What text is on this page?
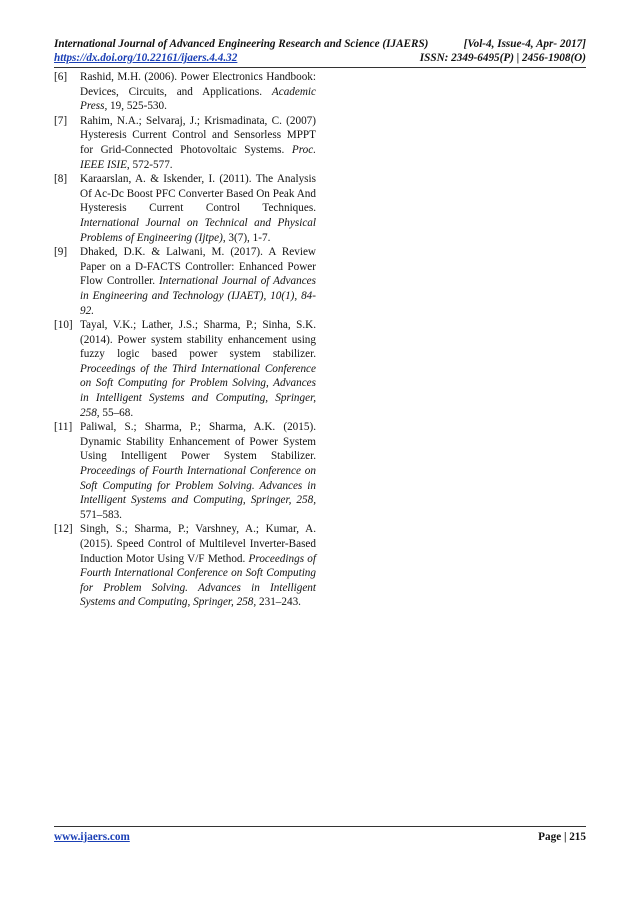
International Journal of Advanced Engineering Research and Science (IJAERS)	[Vol-4, Issue-4, Apr- 2017]
https://dx.doi.org/10.22161/ijaers.4.4.32	ISSN: 2349-6495(P) | 2456-1908(O)
[6] Rashid, M.H. (2006). Power Electronics Handbook: Devices, Circuits, and Applications. Academic Press, 19, 525-530.
[7] Rahim, N.A.; Selvaraj, J.; Krismadinata, C. (2007) Hysteresis Current Control and Sensorless MPPT for Grid-Connected Photovoltaic Systems. Proc. IEEE ISIE, 572-577.
[8] Karaarslan, A. & Iskender, I. (2011). The Analysis Of Ac-Dc Boost PFC Converter Based On Peak And Hysteresis Current Control Techniques. International Journal on Technical and Physical Problems of Engineering (Ijtpe), 3(7), 1-7.
[9] Dhaked, D.K. & Lalwani, M. (2017). A Review Paper on a D-FACTS Controller: Enhanced Power Flow Controller. International Journal of Advances in Engineering and Technology (IJAET), 10(1), 84-92.
[10] Tayal, V.K.; Lather, J.S.; Sharma, P.; Sinha, S.K. (2014). Power system stability enhancement using fuzzy logic based power system stabilizer. Proceedings of the Third International Conference on Soft Computing for Problem Solving, Advances in Intelligent Systems and Computing, Springer, 258, 55–68.
[11] Paliwal, S.; Sharma, P.; Sharma, A.K. (2015). Dynamic Stability Enhancement of Power System Using Intelligent Power System Stabilizer. Proceedings of Fourth International Conference on Soft Computing for Problem Solving. Advances in Intelligent Systems and Computing, Springer, 258, 571–583.
[12] Singh, S.; Sharma, P.; Varshney, A.; Kumar, A. (2015). Speed Control of Multilevel Inverter-Based Induction Motor Using V/F Method. Proceedings of Fourth International Conference on Soft Computing for Problem Solving. Advances in Intelligent Systems and Computing, Springer, 258, 231–243.
www.ijaers.com	Page | 215
